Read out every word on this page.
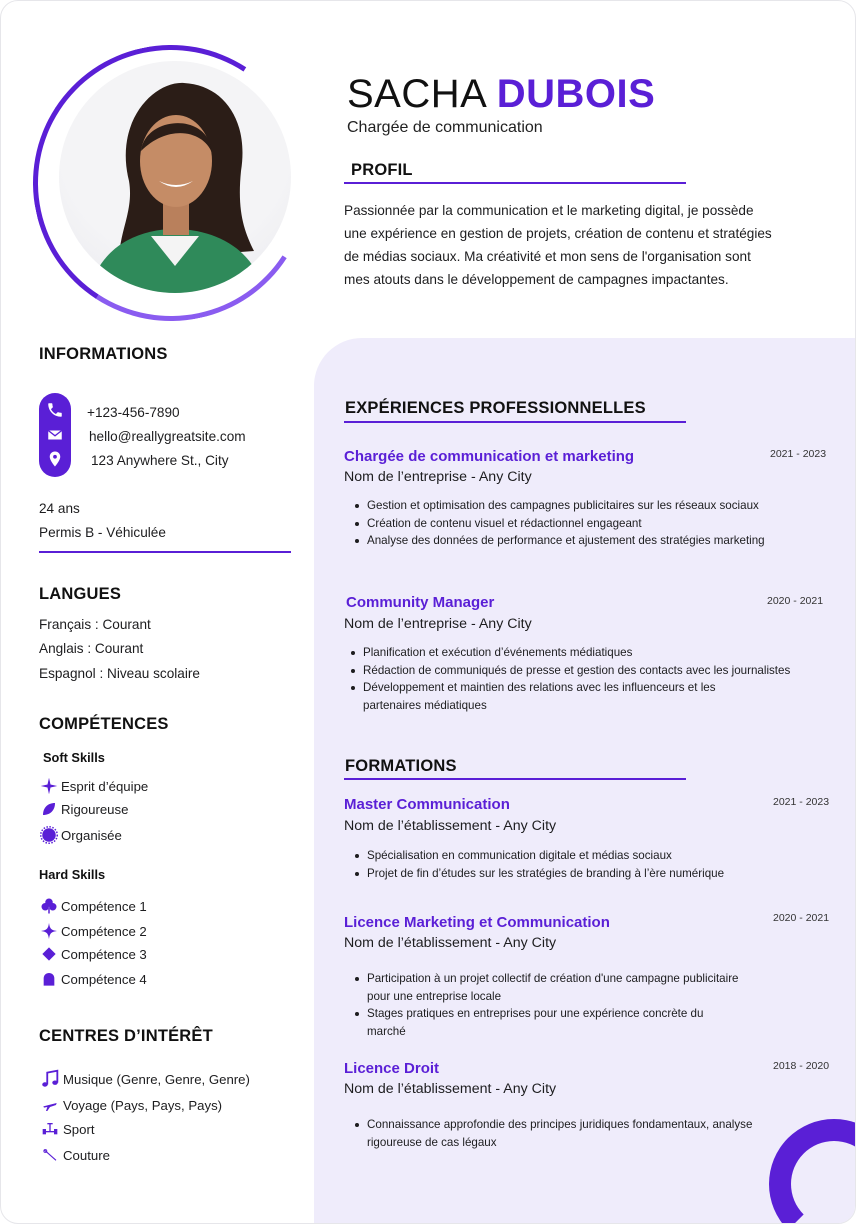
SACHA DUBOIS
Chargée de communication
PROFIL
Passionnée par la communication et le marketing digital, je possède une expérience en gestion de projets, création de contenu et stratégies de médias sociaux. Ma créativité et mon sens de l'organisation sont mes atouts dans le développement de campagnes impactantes.
INFORMATIONS
+123-456-7890
hello@reallygreatsite.com
123 Anywhere St., City
24 ans
Permis B - Véhiculée
LANGUES
Français : Courant
Anglais : Courant
Espagnol : Niveau scolaire
COMPÉTENCES
Soft Skills
Esprit d’équipe
Rigoureuse
Organisée
Hard Skills
Compétence 1
Compétence 2
Compétence 3
Compétence 4
CENTRES D’INTÉRÊT
Musique (Genre, Genre, Genre)
Voyage (Pays, Pays, Pays)
Sport
Couture
EXPÉRIENCES PROFESSIONNELLES
Chargée de communication et marketing	2021 - 2023
Nom de l’entreprise - Any City
Gestion et optimisation des campagnes publicitaires sur les réseaux sociaux
Création de contenu visuel et rédactionnel engageant
Analyse des données de performance et ajustement des stratégies marketing
Community Manager	2020 - 2021
Nom de l’entreprise - Any City
Planification et exécution d’événements médiatiques
Rédaction de communiqués de presse et gestion des contacts avec les journalistes
Développement et maintien des relations avec les influenceurs et les partenaires médiatiques
FORMATIONS
Master Communication	2021 - 2023
Nom de l’établissement - Any City
Spécialisation en communication digitale et médias sociaux
Projet de fin d’études sur les stratégies de branding à l’ère numérique
Licence Marketing et Communication	2020 - 2021
Nom de l’établissement - Any City
Participation à un projet collectif de création d'une campagne publicitaire pour une entreprise locale
Stages pratiques en entreprises pour une expérience concrète du marché
Licence Droit	2018 - 2020
Nom de l’établissement - Any City
Connaissance approfondie des principes juridiques fondamentaux, analyse rigoureuse de cas légaux
